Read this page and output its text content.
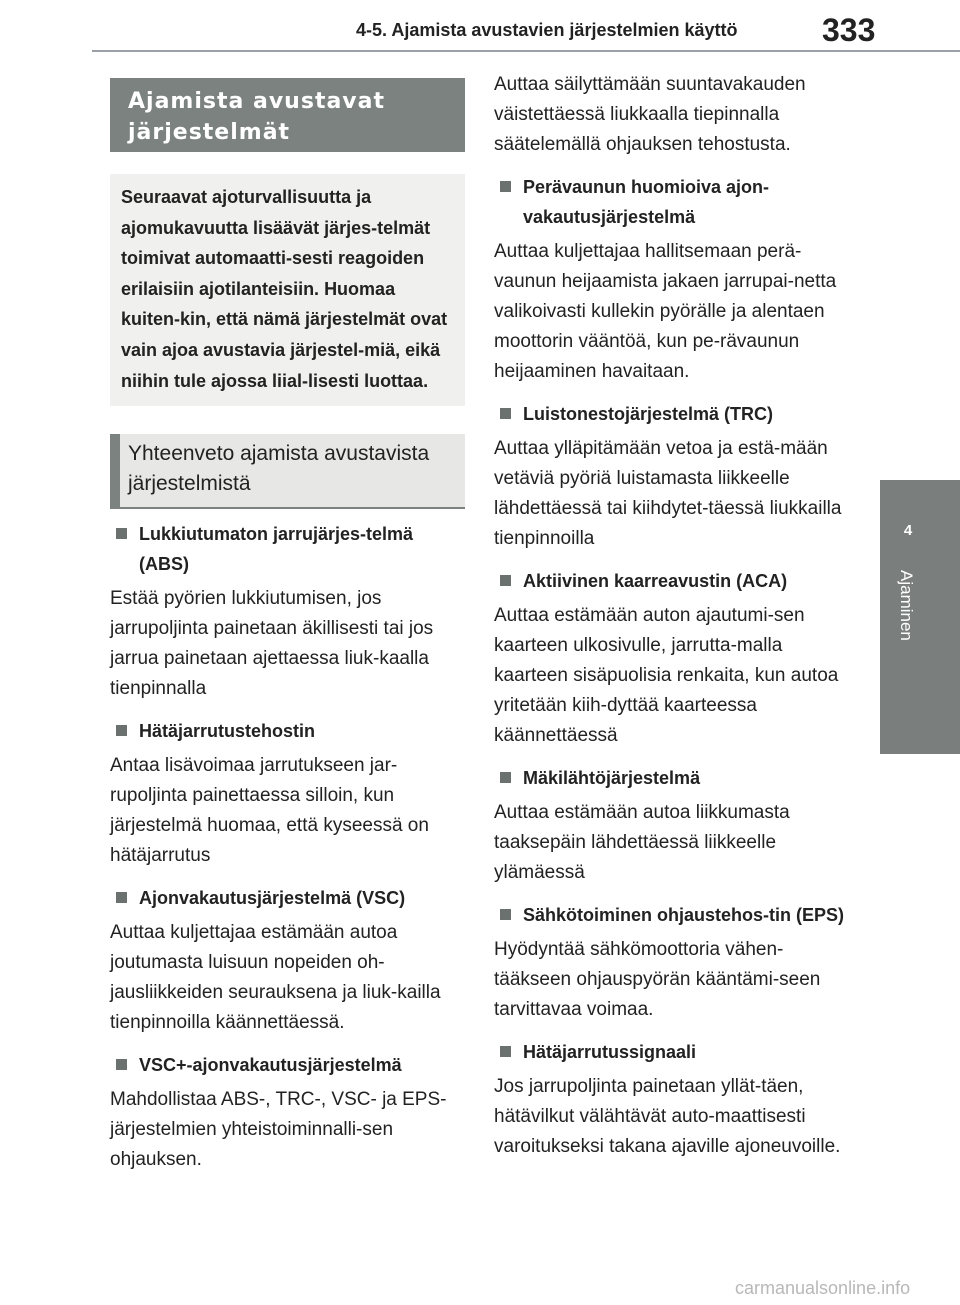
4-5. Ajamista avustavien järjestelmien käyttö	333
4
Ajaminen
Ajamista avustavat järjestelmät
Seuraavat ajoturvallisuutta ja ajomukavuutta lisäävät järjes-telmät toimivat automaatti-sesti reagoiden erilaisiin ajotilanteisiin. Huomaa kuiten-kin, että nämä järjestelmät ovat vain ajoa avustavia järjestel-miä, eikä niihin tule ajossa liial-lisesti luottaa.
Yhteenveto ajamista avustavista järjestelmistä
Lukkiutumaton jarrujärjes-telmä (ABS)
Estää pyörien lukkiutumisen, jos jarrupoljinta painetaan äkillisesti tai jos jarrua painetaan ajettaessa liuk-kaalla tienpinnalla
Hätäjarrutustehostin
Antaa lisävoimaa jarrutukseen jar-rupoljinta painettaessa silloin, kun järjestelmä huomaa, että kyseessä on hätäjarrutus
Ajonvakautusjärjestelmä (VSC)
Auttaa kuljettajaa estämään autoa joutumasta luisuun nopeiden oh-jausliikkeiden seurauksena ja liuk-kailla tienpinnoilla käännettäessä.
VSC+-ajonvakautusjärjestelmä
Mahdollistaa ABS-, TRC-, VSC- ja EPS-järjestelmien yhteistoiminnalli-sen ohjauksen.
Auttaa säilyttämään suuntavakauden väistettäessä liukkaalla tiepinnalla säätelemällä ohjauksen tehostusta.
Perävaunun huomioiva ajon-vakautusjärjestelmä
Auttaa kuljettajaa hallitsemaan perä-vaunun heijaamista jakaen jarrupai-netta valikoivasti kullekin pyörälle ja alentaen moottorin vääntöä, kun pe-rävaunun heijaaminen havaitaan.
Luistonestojärjestelmä (TRC)
Auttaa ylläpitämään vetoa ja estä-mään vetäviä pyöriä luistamasta liikkeelle lähdettäessä tai kiihdytet-täessä liukkailla tienpinnoilla
Aktiivinen kaarreavustin (ACA)
Auttaa estämään auton ajautumi-sen kaarteen ulkosivulle, jarrutta-malla kaarteen sisäpuolisia renkaita, kun autoa yritetään kiih-dyttää kaarteessa käännettäessä
Mäkilähtöjärjestelmä
Auttaa estämään autoa liikkumasta taaksepäin lähdettäessä liikkeelle ylämäessä
Sähkötoiminen ohjaustehos-tin (EPS)
Hyödyntää sähkömoottoria vähen-tääkseen ohjauspyörän kääntämi-seen tarvittavaa voimaa.
Hätäjarrutussignaali
Jos jarrupoljinta painetaan yllät-täen, hätävilkut välähtävät auto-maattisesti varoitukseksi takana ajaville ajoneuvoille.
carmanualsonline.info
